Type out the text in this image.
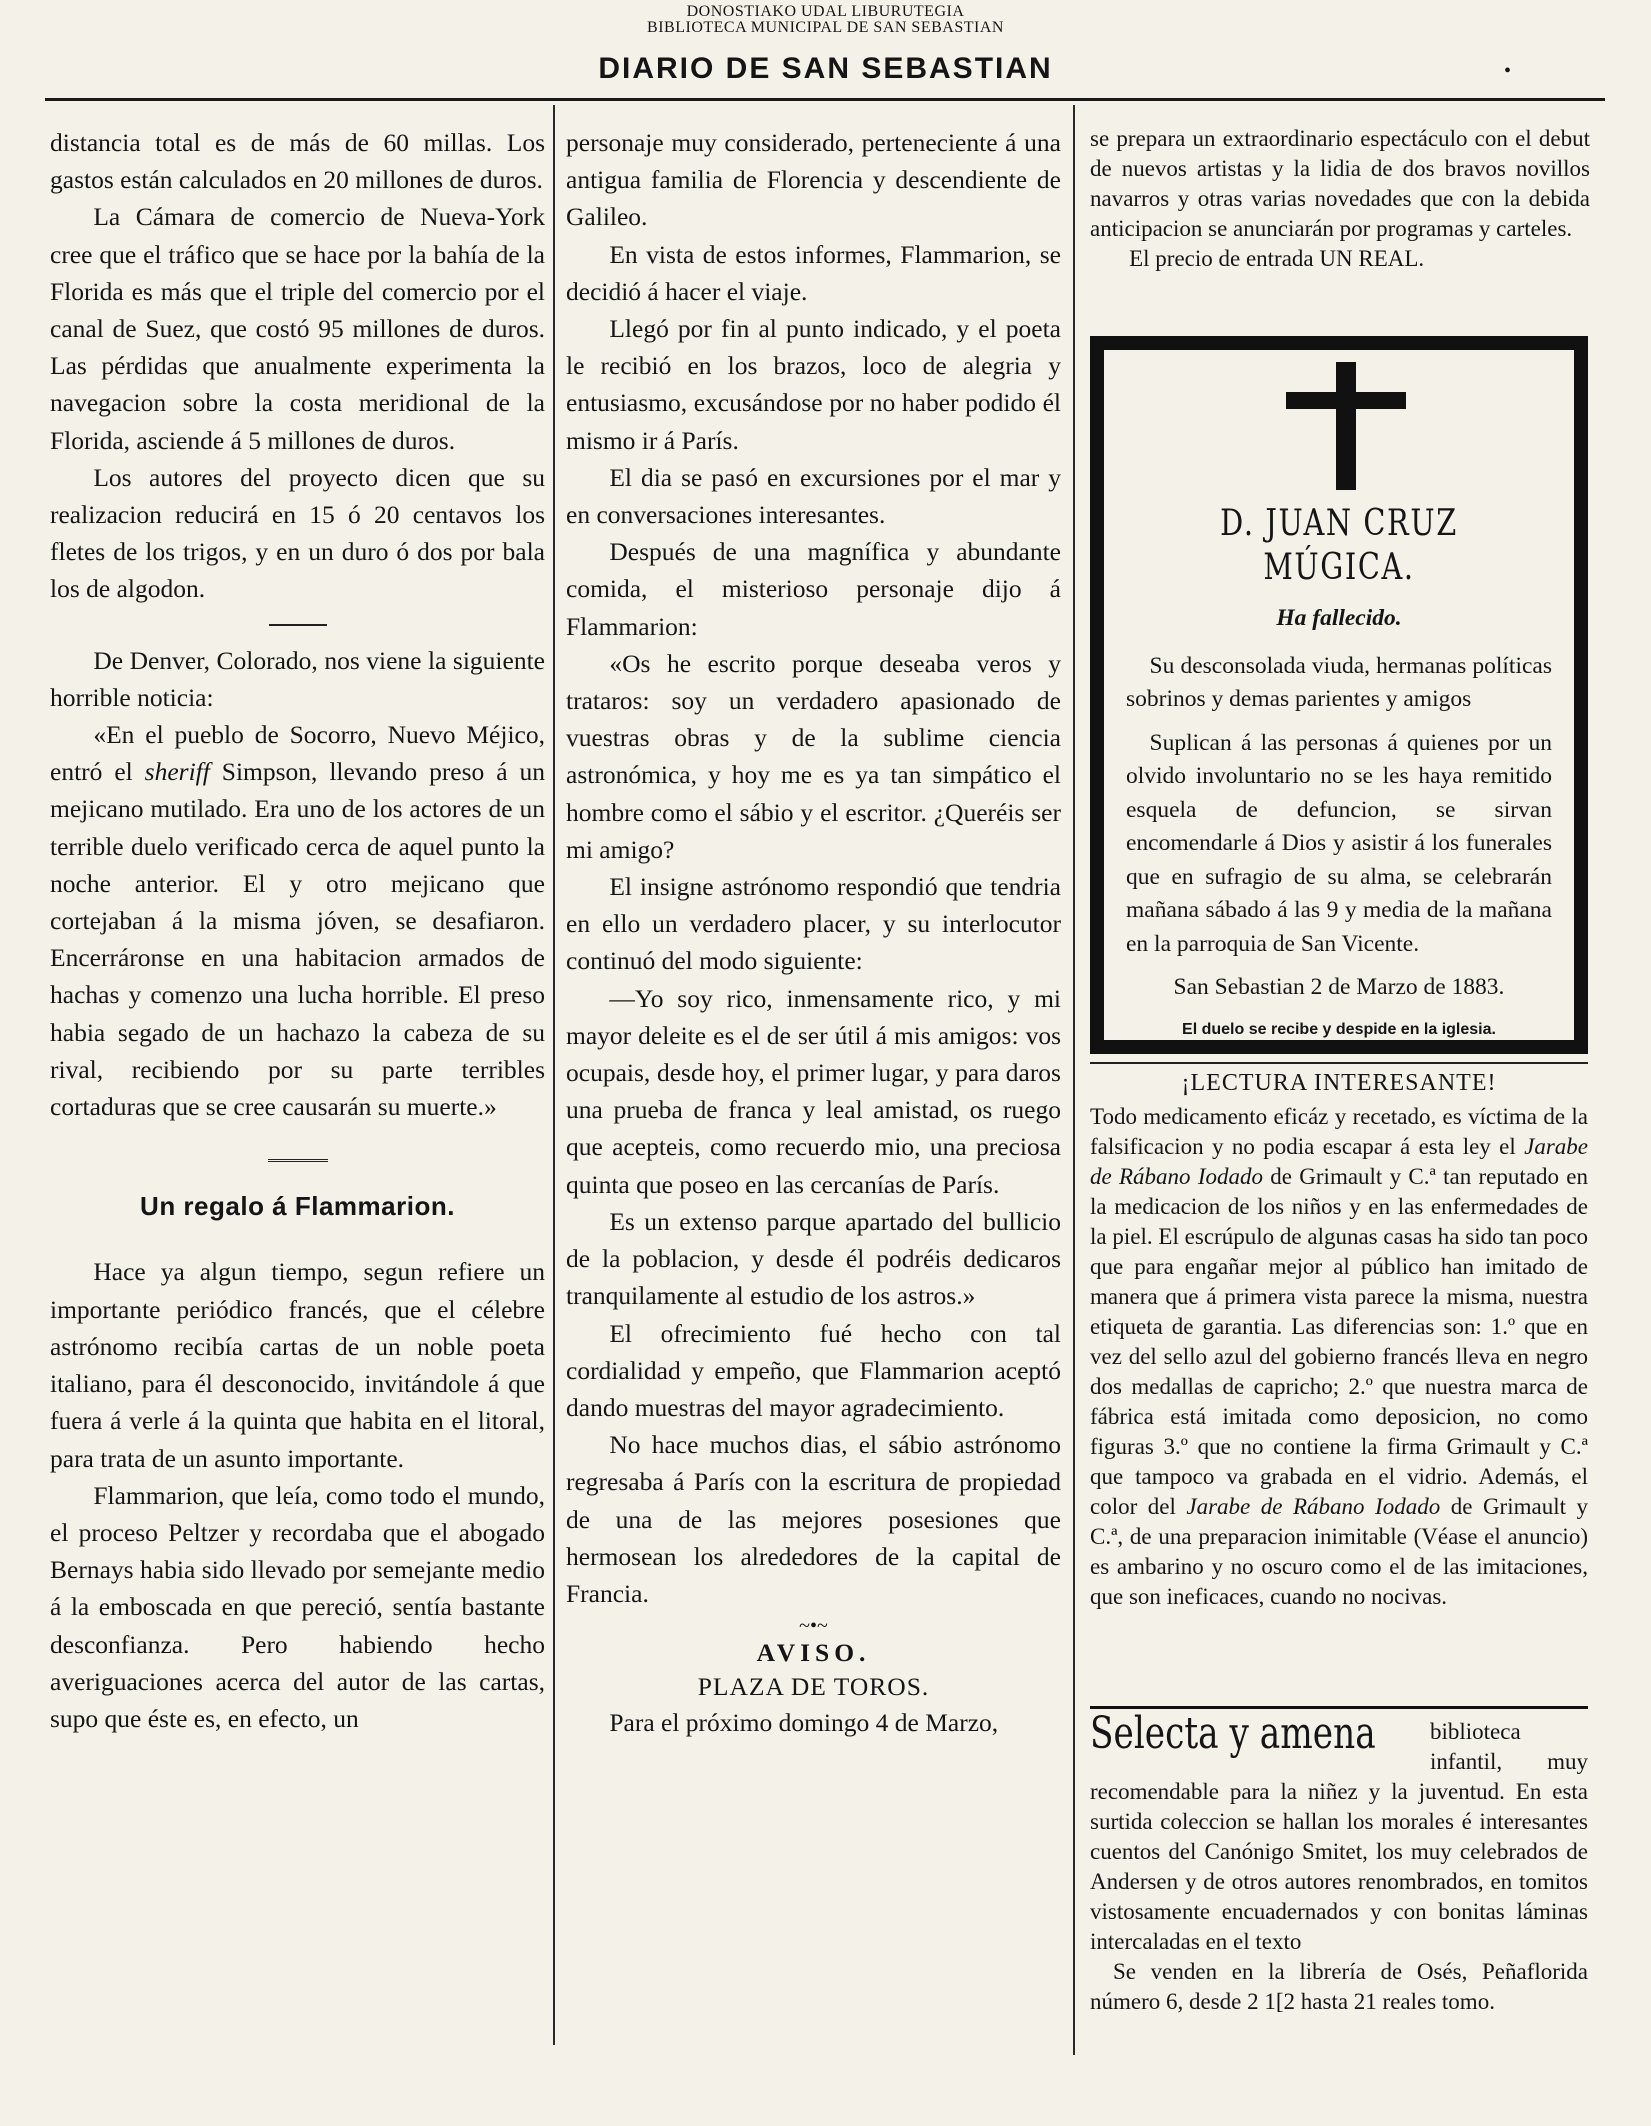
DONOSTIAKO UDAL LIBURUTEGIA
BIBLIOTECA MUNICIPAL DE SAN SEBASTIAN
DIARIO DE SAN SEBASTIAN	•

distancia total es de más de 60 millas. Los gastos están calculados en 20 millones de duros.

La Cámara de comercio de Nueva-York cree que el tráfico que se hace por la bahía de la Florida es más que el triple del comercio por el canal de Suez, que costó 95 millones de duros. Las pérdidas que anualmente experimenta la navegacion sobre la costa meridional de la Florida, asciende á 5 millones de duros.

Los autores del proyecto dicen que su realizacion reducirá en 15 ó 20 centavos los fletes de los trigos, y en un duro ó dos por bala los de algodon.

De Denver, Colorado, nos viene la siguiente horrible noticia:

«En el pueblo de Socorro, Nuevo Méjico, entró el sheriff Simpson, llevando preso á un mejicano mutilado. Era uno de los actores de un terrible duelo verificado cerca de aquel punto la noche anterior. El y otro mejicano que cortejaban á la misma jóven, se desafiaron. Encerráronse en una habitacion armados de hachas y comenzo una lucha horrible. El preso habia segado de un hachazo la cabeza de su rival, recibiendo por su parte terribles cortaduras que se cree causarán su muerte.»

Un regalo á Flammarion.

Hace ya algun tiempo, segun refiere un importante periódico francés, que el célebre astrónomo recibía cartas de un noble poeta italiano, para él desconocido, invitándole á que fuera á verle á la quinta que habita en el litoral, para trata de un asunto importante.

Flammarion, que leía, como todo el mundo, el proceso Peltzer y recordaba que el abogado Bernays habia sido llevado por semejante medio á la emboscada en que pereció, sentía bastante desconfianza. Pero habiendo hecho averiguaciones acerca del autor de las cartas, supo que éste es, en efecto, un

personaje muy considerado, perteneciente á una antigua familia de Florencia y descendiente de Galileo.

En vista de estos informes, Flammarion, se decidió á hacer el viaje.

Llegó por fin al punto indicado, y el poeta le recibió en los brazos, loco de alegria y entusiasmo, excusándose por no haber podido él mismo ir á París.

El dia se pasó en excursiones por el mar y en conversaciones interesantes.

Después de una magnífica y abundante comida, el misterioso personaje dijo á Flammarion:

«Os he escrito porque deseaba veros y trataros: soy un verdadero apasionado de vuestras obras y de la sublime ciencia astronómica, y hoy me es ya tan simpático el hombre como el sábio y el escritor. ¿Queréis ser mi amigo?

El insigne astrónomo respondió que tendria en ello un verdadero placer, y su interlocutor continuó del modo siguiente:

—Yo soy rico, inmensamente rico, y mi mayor deleite es el de ser útil á mis amigos: vos ocupais, desde hoy, el primer lugar, y para daros una prueba de franca y leal amistad, os ruego que acepteis, como recuerdo mio, una preciosa quinta que poseo en las cercanías de París.

Es un extenso parque apartado del bullicio de la poblacion, y desde él podréis dedicaros tranquilamente al estudio de los astros.»

El ofrecimiento fué hecho con tal cordialidad y empeño, que Flammarion aceptó dando muestras del mayor agradecimiento.

No hace muchos dias, el sábio astrónomo regresaba á París con la escritura de propiedad de una de las mejores posesiones que hermosean los alrededores de la capital de Francia.

~•~
AVISO.
PLAZA DE TOROS.

Para el próximo domingo 4 de Marzo,

se prepara un extraordinario espectáculo con el debut de nuevos artistas y la lidia de dos bravos novillos navarros y otras varias novedades que con la debida anticipacion se anunciarán por programas y carteles.

El precio de entrada UN REAL.

D. JUAN CRUZ MÚGICA.
Ha fallecido.
Su desconsolada viuda, hermanas políticas sobrinos y demas parientes y amigos
Suplican á las personas á quienes por un olvido involuntario no se les haya remitido esquela de defuncion, se sirvan encomendarle á Dios y asistir á los funerales que en sufragio de su alma, se celebrarán mañana sábado á las 9 y media de la mañana en la parroquia de San Vicente.
San Sebastian 2 de Marzo de 1883.
El duelo se recibe y despide en la iglesia.
¡LECTURA INTERESANTE!

Todo medicamento eficáz y recetado, es víctima de la falsificacion y no podia escapar á esta ley el Jarabe de Rábano Iodado de Grimault y C.ª tan reputado en la medicacion de los niños y en las enfermedades de la piel. El escrúpulo de algunas casas ha sido tan poco que para engañar mejor al público han imitado de manera que á primera vista parece la misma, nuestra etiqueta de garantia. Las diferencias son: 1.º que en vez del sello azul del gobierno francés lleva en negro dos medallas de capricho; 2.º que nuestra marca de fábrica está imitada como deposicion, no como figuras 3.º que no contiene la firma Grimault y C.ª que tampoco va grabada en el vidrio. Además, el color del Jarabe de Rábano Iodado de Grimault y C.ª, de una preparacion inimitable (Véase el anuncio) es ambarino y no oscuro como el de las imitaciones, que son ineficaces, cuando no nocivas.

Selecta y amena	biblioteca infantil, muy recomendable para la niñez y la juventud. En esta surtida coleccion se hallan los morales é interesantes cuentos del Canónigo Smitet, los muy celebrados de Andersen y de otros autores renombrados, en tomitos vistosamente encuadernados y con bonitas láminas intercaladas en el texto

Se venden en la librería de Osés, Peñaflorida número 6, desde 2 1[2 hasta 21 reales tomo.
